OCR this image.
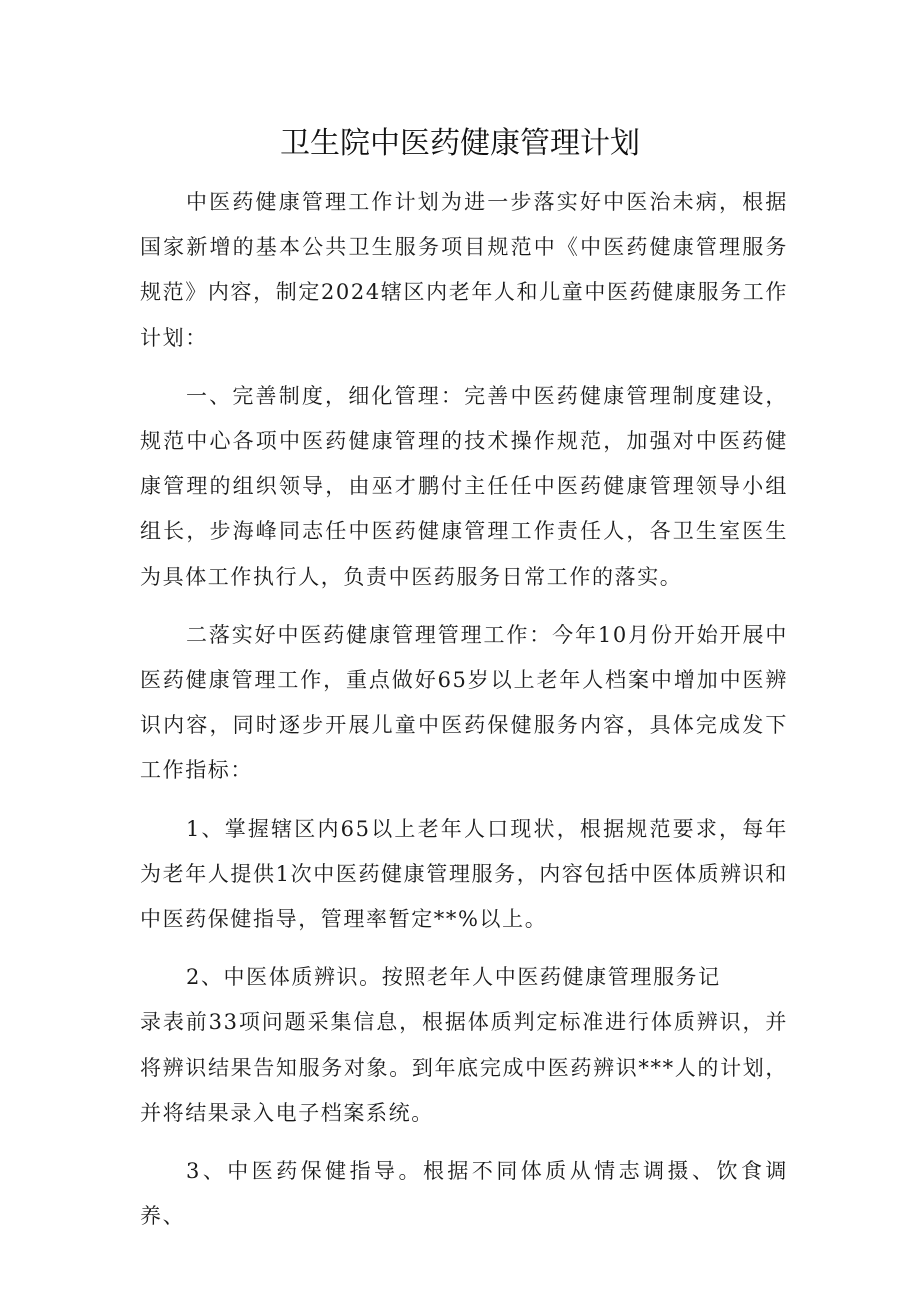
卫生院中医药健康管理计划

中医药健康管理工作计划为进一步落实好中医治未病，根据国家新增的基本公共卫生服务项目规范中《中医药健康管理服务规范》内容，制定2024辖区内老年人和儿童中医药健康服务工作计划：

一、完善制度，细化管理：完善中医药健康管理制度建设，规范中心各项中医药健康管理的技术操作规范，加强对中医药健康管理的组织领导，由巫才鹏付主任任中医药健康管理领导小组组长，步海峰同志任中医药健康管理工作责任人，各卫生室医生为具体工作执行人，负责中医药服务日常工作的落实。

二落实好中医药健康管理管理工作：今年10月份开始开展中医药健康管理工作，重点做好65岁以上老年人档案中增加中医辨识内容，同时逐步开展儿童中医药保健服务内容，具体完成发下工作指标：

1、掌握辖区内65以上老年人口现状，根据规范要求，每年为老年人提供1次中医药健康管理服务，内容包括中医体质辨识和中医药保健指导，管理率暂定**%以上。

2、中医体质辨识。按照老年人中医药健康管理服务记

录表前33项问题采集信息，根据体质判定标准进行体质辨识，并将辨识结果告知服务对象。到年底完成中医药辨识***人的计划，并将结果录入电子档案系统。

3、中医药保健指导。根据不同体质从情志调摄、饮食调养、
